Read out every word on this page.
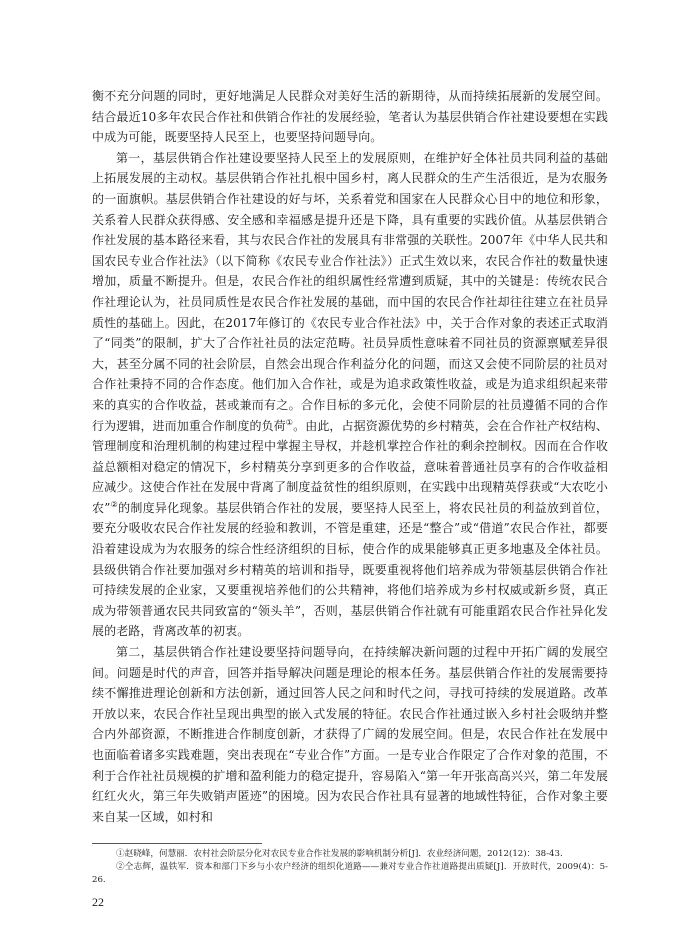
衡不充分问题的同时，更好地满足人民群众对美好生活的新期待，从而持续拓展新的发展空间。结合最近10多年农民合作社和供销合作社的发展经验，笔者认为基层供销合作社建设要想在实践中成为可能，既要坚持人民至上，也要坚持问题导向。

第一，基层供销合作社建设要坚持人民至上的发展原则，在维护好全体社员共同利益的基础上拓展发展的主动权。基层供销合作社扎根中国乡村，离人民群众的生产生活很近，是为农服务的一面旗帜。基层供销合作社建设的好与坏，关系着党和国家在人民群众心目中的地位和形象，关系着人民群众获得感、安全感和幸福感是提升还是下降，具有重要的实践价值。从基层供销合作社发展的基本路径来看，其与农民合作社的发展具有非常强的关联性。2007年《中华人民共和国农民专业合作社法》（以下简称《农民专业合作社法》）正式生效以来，农民合作社的数量快速增加，质量不断提升。但是，农民合作社的组织属性经常遭到质疑，其中的关键是：传统农民合作社理论认为，社员同质性是农民合作社发展的基础，而中国的农民合作社却往往建立在社员异质性的基础上。因此，在2017年修订的《农民专业合作社法》中，关于合作对象的表述正式取消了“同类”的限制，扩大了合作社社员的法定范畴。社员异质性意味着不同社员的资源禀赋差异很大，甚至分属不同的社会阶层，自然会出现合作利益分化的问题，而这又会使不同阶层的社员对合作社秉持不同的合作态度。他们加入合作社，或是为追求政策性收益，或是为追求组织起来带来的真实的合作收益，甚或兼而有之。合作目标的多元化，会使不同阶层的社员遵循不同的合作行为逻辑，进而加重合作制度的负荷①。由此，占据资源优势的乡村精英，会在合作社产权结构、管理制度和治理机制的构建过程中掌握主导权，并趁机掌控合作社的剩余控制权。因而在合作收益总额相对稳定的情况下，乡村精英分享到更多的合作收益，意味着普通社员享有的合作收益相应减少。这使合作社在发展中背离了制度益贫性的组织原则，在实践中出现精英俘获或“大农吃小农”②的制度异化现象。基层供销合作社的发展，要坚持人民至上，将农民社员的利益放到首位，要充分吸收农民合作社发展的经验和教训，不管是重建，还是“整合”或“借道”农民合作社，都要沿着建设成为为农服务的综合性经济组织的目标，使合作的成果能够真正更多地惠及全体社员。县级供销合作社要加强对乡村精英的培训和指导，既要重视将他们培养成为带领基层供销合作社可持续发展的企业家，又要重视培养他们的公共精神，将他们培养成为乡村权威或新乡贤，真正成为带领普通农民共同致富的“领头羊”，否则，基层供销合作社就有可能重蹈农民合作社异化发展的老路，背离改革的初衷。

第二，基层供销合作社建设要坚持问题导向，在持续解决新问题的过程中开拓广阔的发展空间。问题是时代的声音，回答并指导解决问题是理论的根本任务。基层供销合作社的发展需要持续不懈推进理论创新和方法创新，通过回答人民之问和时代之问，寻找可持续的发展道路。改革开放以来，农民合作社呈现出典型的嵌入式发展的特征。农民合作社通过嵌入乡村社会吸纳并整合内外部资源，不断推进合作制度创新，才获得了广阔的发展空间。但是，农民合作社在发展中也面临着诸多实践难题，突出表现在“专业合作”方面。一是专业合作限定了合作对象的范围，不利于合作社社员规模的扩增和盈利能力的稳定提升，容易陷入“第一年开张高高兴兴，第二年发展红红火火，第三年失败销声匿迹”的困境。因为农民合作社具有显著的地域性特征，合作对象主要来自某一区域，如村和

①赵晓峰，何慧丽．农村社会阶层分化对农民专业合作社发展的影响机制分析[J]．农业经济问题，2012(12)：38-43.

②仝志辉，温铁军．资本和部门下乡与小农户经济的组织化道路——兼对专业合作社道路提出质疑[J]．开放时代，2009(4)：5-26.

22
